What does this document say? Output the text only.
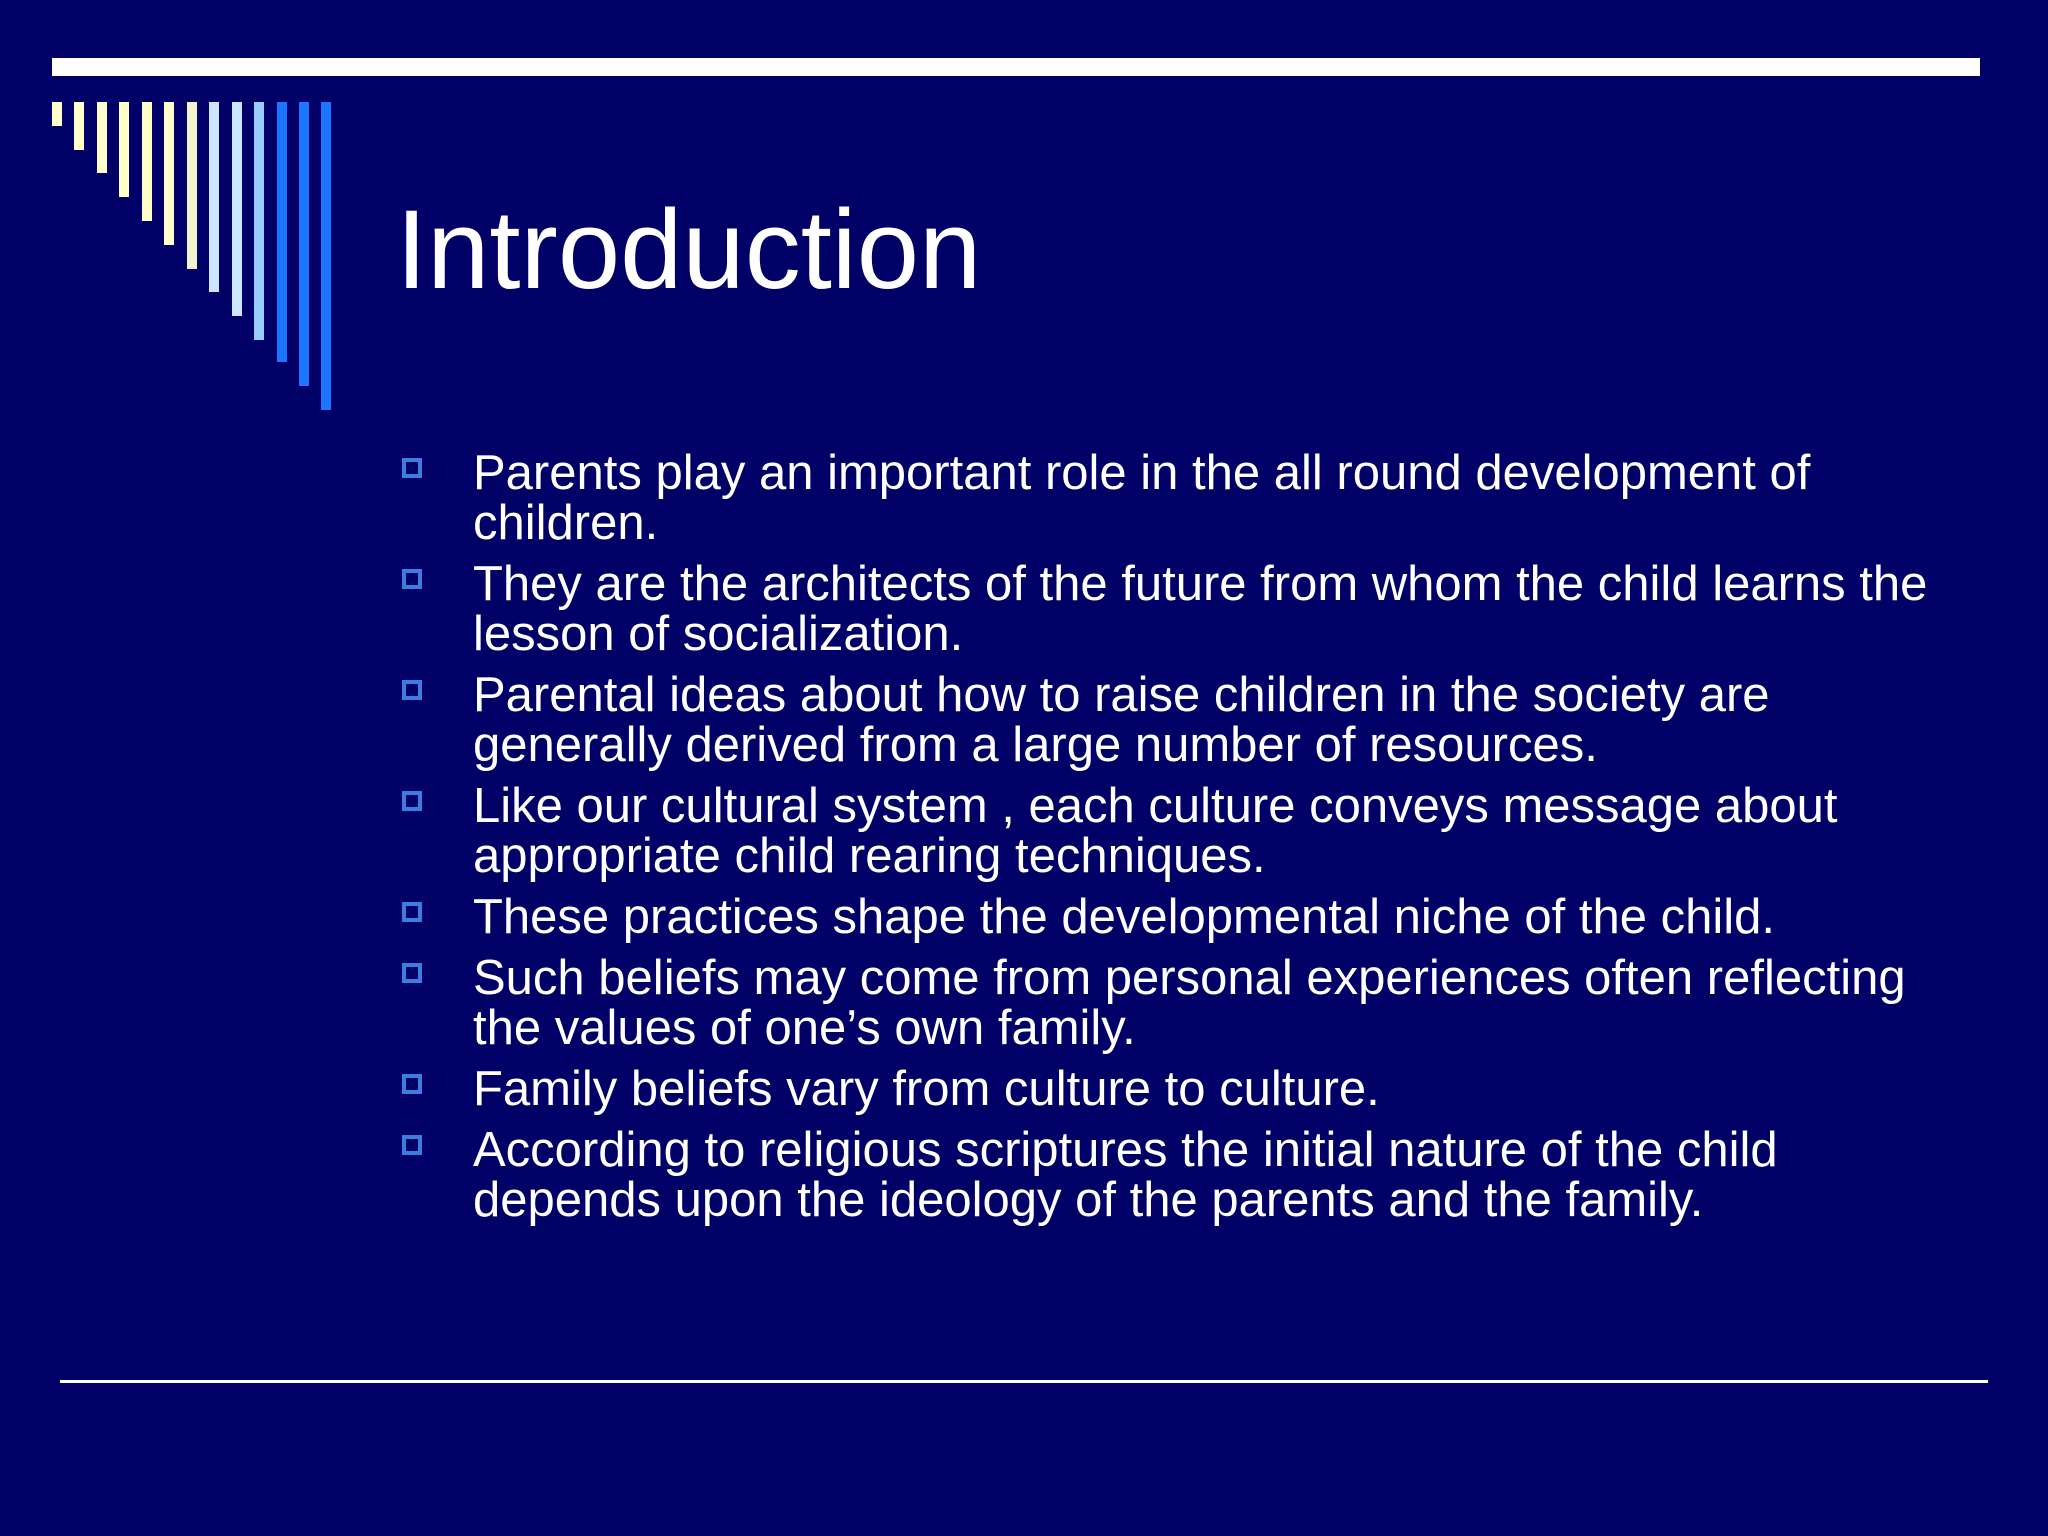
Introduction
Parents play an important role in the all round development of children.
They are the architects of the future from whom the child learns the lesson of socialization.
Parental ideas about how to raise children in the society are generally derived from a large number of resources.
Like our cultural system , each culture conveys message about appropriate child rearing techniques.
These practices shape the developmental niche of the child.
Such beliefs may come from personal experiences often reflecting the values of one’s own family.
Family beliefs vary from culture to culture.
According to religious scriptures the initial nature of the child depends upon the ideology of the parents and the family.
